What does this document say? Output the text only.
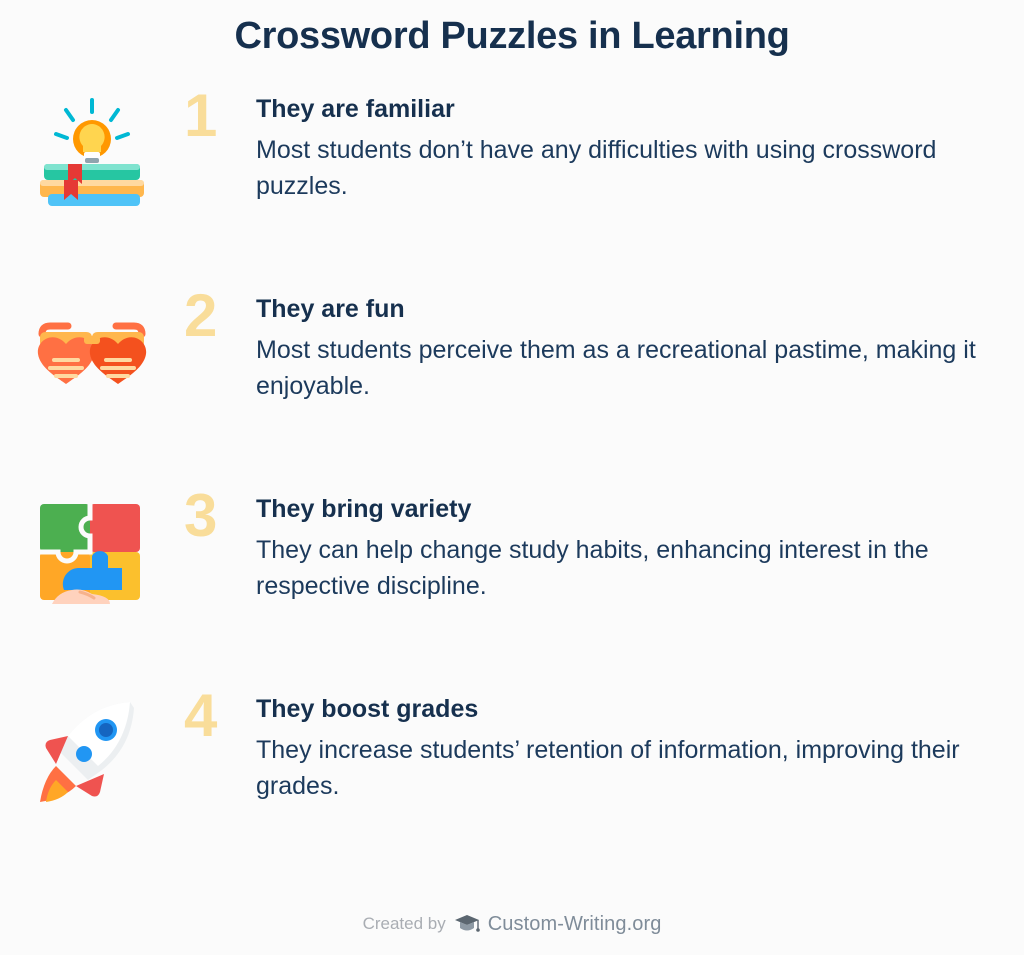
Crossword Puzzles in Learning
1	They are familiar
Most students don’t have any difficulties with using crossword puzzles.
2	They are fun
Most students perceive them as a recreational pastime, making it enjoyable.
3	They bring variety
They can help change study habits, enhancing interest in the respective discipline.
4	They boost grades
They increase students’ retention of information, improving their grades.
Created by Custom-Writing.org
